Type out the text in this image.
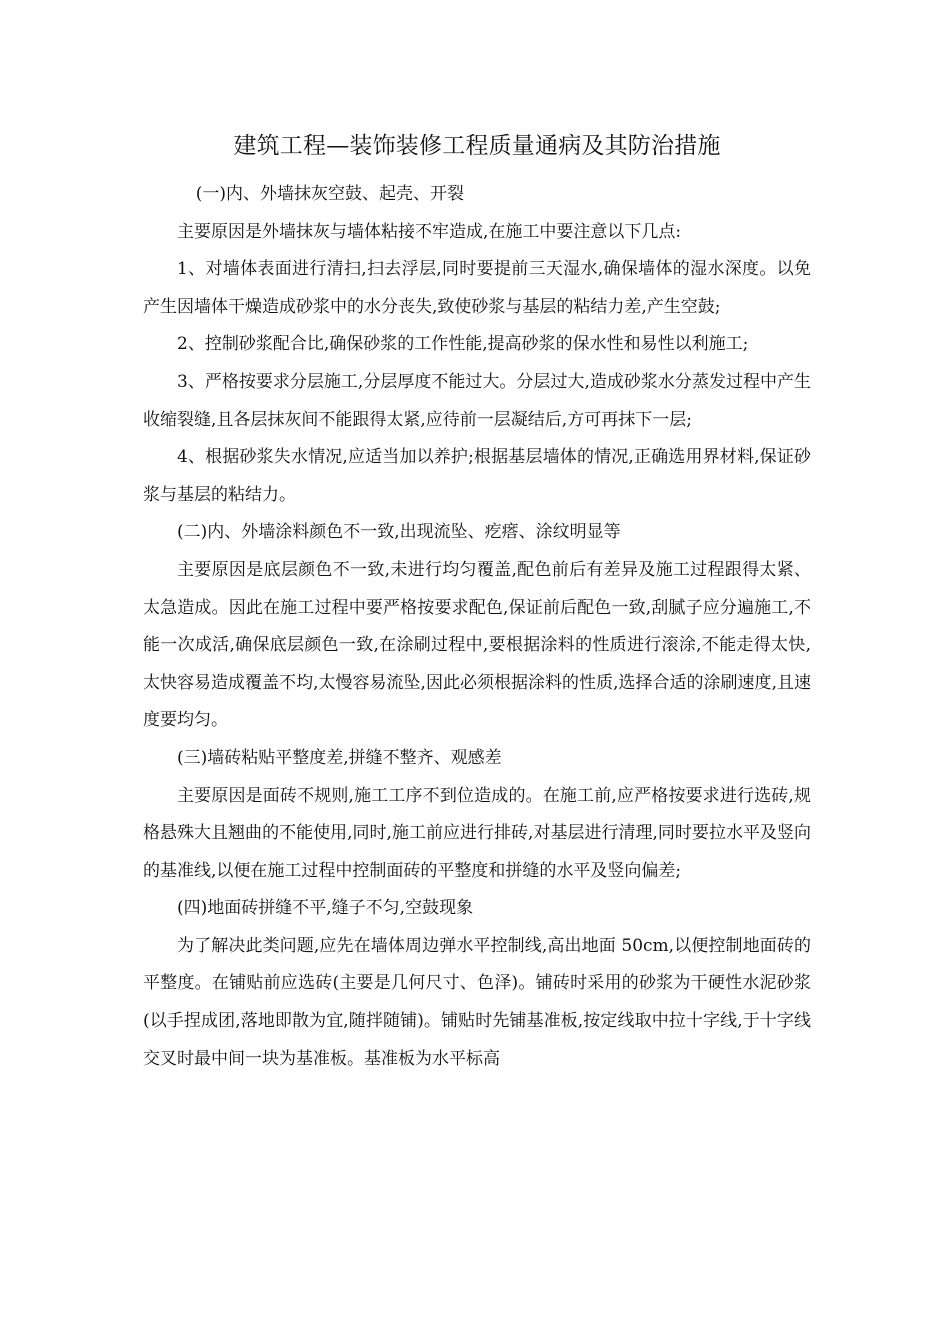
建筑工程—装饰装修工程质量通病及其防治措施

(一)内、外墙抹灰空鼓、起壳、开裂

主要原因是外墙抹灰与墙体粘接不牢造成,在施工中要注意以下几点:

1、对墙体表面进行清扫,扫去浮层,同时要提前三天湿水,确保墙体的湿水深度。以免产生因墙体干燥造成砂浆中的水分丧失,致使砂浆与基层的粘结力差,产生空鼓;

2、控制砂浆配合比,确保砂浆的工作性能,提高砂浆的保水性和易性以利施工;

3、严格按要求分层施工,分层厚度不能过大。分层过大,造成砂浆水分蒸发过程中产生收缩裂缝,且各层抹灰间不能跟得太紧,应待前一层凝结后,方可再抹下一层;

4、根据砂浆失水情况,应适当加以养护;根据基层墙体的情况,正确选用界材料,保证砂浆与基层的粘结力。

(二)内、外墙涂料颜色不一致,出现流坠、疙瘩、涂纹明显等

主要原因是底层颜色不一致,未进行均匀覆盖,配色前后有差异及施工过程跟得太紧、太急造成。因此在施工过程中要严格按要求配色,保证前后配色一致,刮腻子应分遍施工,不能一次成活,确保底层颜色一致,在涂刷过程中,要根据涂料的性质进行滚涂,不能走得太快,太快容易造成覆盖不均,太慢容易流坠,因此必须根据涂料的性质,选择合适的涂刷速度,且速度要均匀。

(三)墙砖粘贴平整度差,拼缝不整齐、观感差

主要原因是面砖不规则,施工工序不到位造成的。在施工前,应严格按要求进行选砖,规格悬殊大且翘曲的不能使用,同时,施工前应进行排砖,对基层进行清理,同时要拉水平及竖向的基准线,以便在施工过程中控制面砖的平整度和拼缝的水平及竖向偏差;

(四)地面砖拼缝不平,缝子不匀,空鼓现象

为了解决此类问题,应先在墙体周边弹水平控制线,高出地面 50cm,以便控制地面砖的平整度。在铺贴前应选砖(主要是几何尺寸、色泽)。铺砖时采用的砂浆为干硬性水泥砂浆(以手捏成团,落地即散为宜,随拌随铺)。铺贴时先铺基准板,按定线取中拉十字线,于十字线交叉时最中间一块为基准板。基准板为水平标高
